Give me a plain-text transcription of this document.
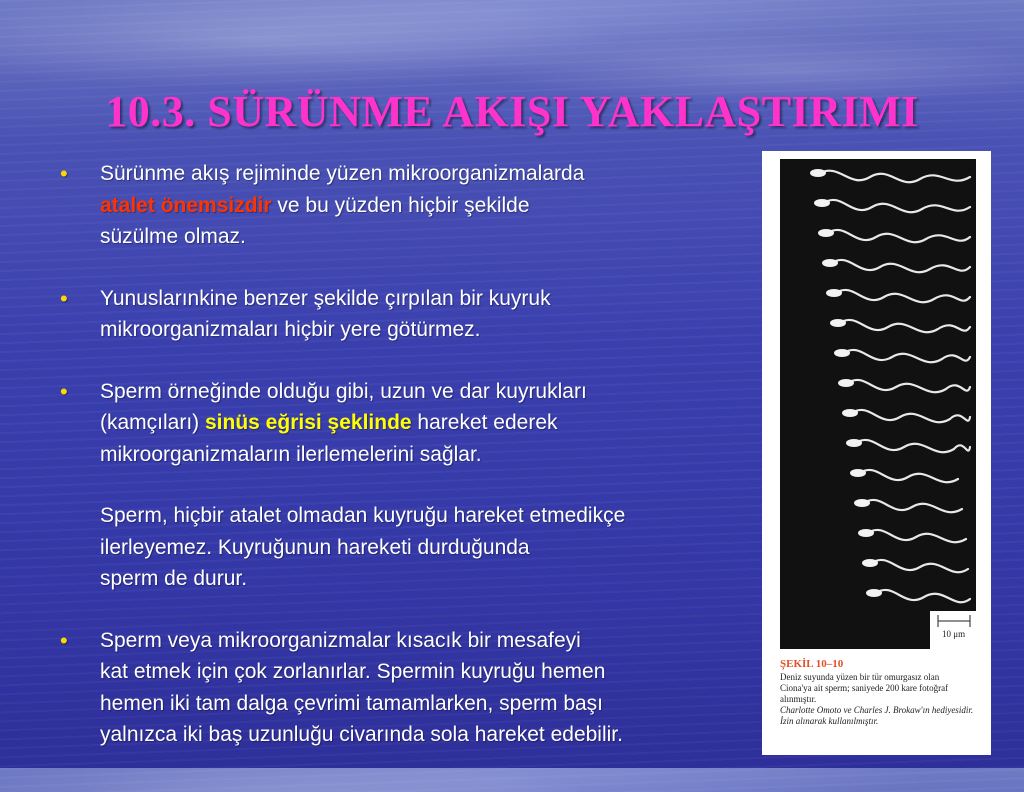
10.3. SÜRÜNME AKIŞI YAKLAŞTIRIMI
• Sürünme akış rejiminde yüzen mikroorganizmalarda
atalet önemsizdir ve bu yüzden hiçbir şekilde
süzülme olmaz.
• Yunuslarınkine benzer şekilde çırpılan bir kuyruk
mikroorganizmaları hiçbir yere götürmez.
• Sperm örneğinde olduğu gibi, uzun ve dar kuyrukları
(kamçıları) sinüs eğrisi şeklinde hareket ederek
mikroorganizmaların ilerlemelerini sağlar.
Sperm, hiçbir atalet olmadan kuyruğu hareket etmedikçe
ilerleyemez. Kuyruğunun hareketi durduğunda
sperm de durur.
• Sperm veya mikroorganizmalar kısacık bir mesafeyi
kat etmek için çok zorlanırlar. Spermin kuyruğu hemen
hemen iki tam dalga çevrimi tamamlarken, sperm başı
yalnızca iki baş uzunluğu civarında sola hareket edebilir.
10 μm
ŞEKİL 10–10
Deniz suyunda yüzen bir tür omurgasız olan
Ciona'ya ait sperm; saniyede 200 kare fotoğraf
alınmıştır.
Charlotte Omoto ve Charles J. Brokaw'ın hediyesidir.
İzin alınarak kullanılmıştır.
